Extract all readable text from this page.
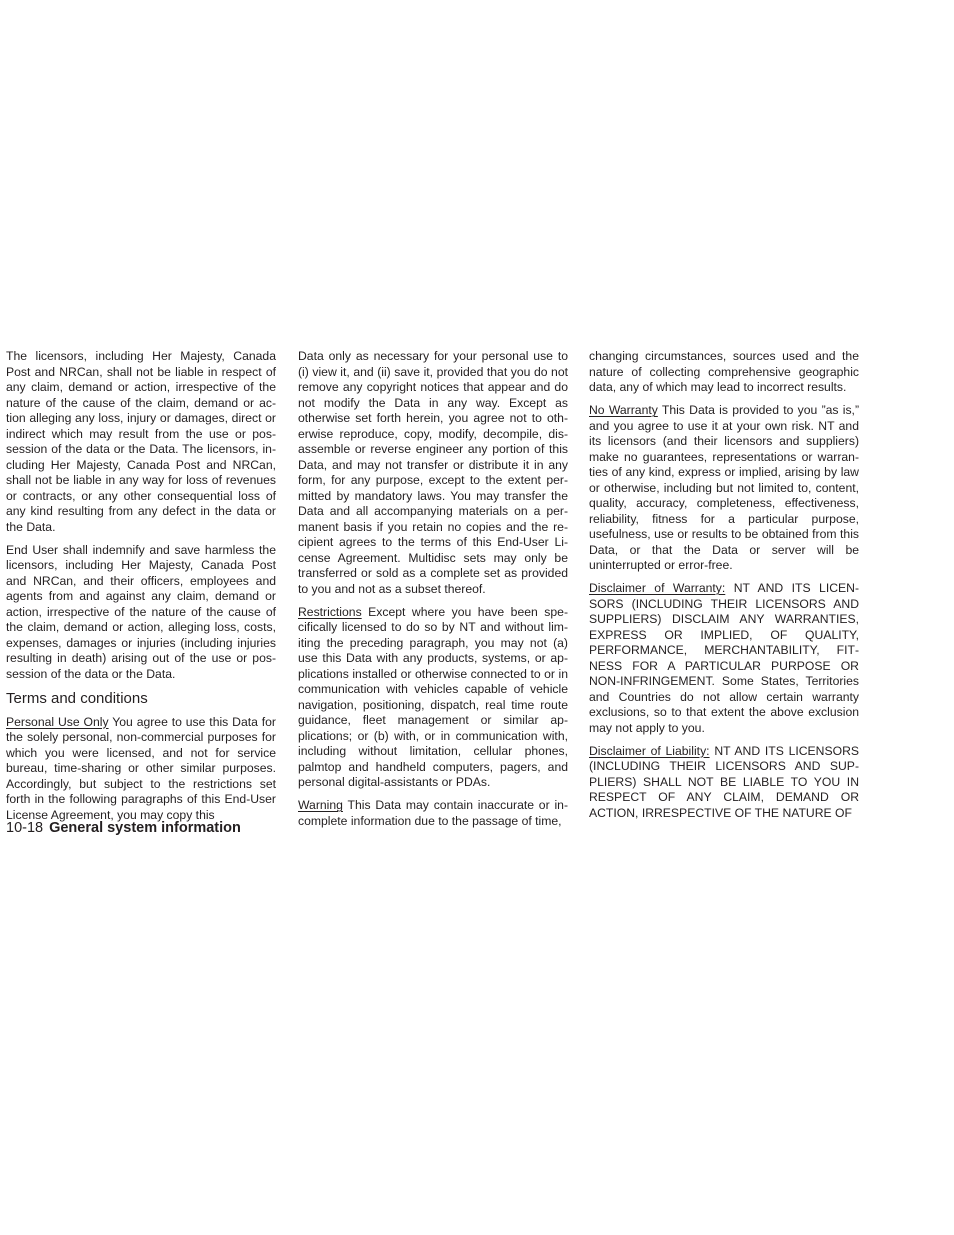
The licensors, including Her Majesty, Canada Post and NRCan, shall not be liable in respect of any claim, demand or action, irrespective of the nature of the cause of the claim, demand or action alleging any loss, injury or damages, direct or indirect which may result from the use or possession of the data or the Data. The licensors, including Her Majesty, Canada Post and NRCan, shall not be liable in any way for loss of revenues or contracts, or any other consequential loss of any kind resulting from any defect in the data or the Data.

End User shall indemnify and save harmless the licensors, including Her Majesty, Canada Post and NRCan, and their officers, employees and agents from and against any claim, demand or action, irrespective of the nature of the cause of the claim, demand or action, alleging loss, costs, expenses, damages or injuries (including injuries resulting in death) arising out of the use or possession of the data or the Data.

Terms and conditions

Personal Use Only You agree to use this Data for the solely personal, non-commercial purposes for which you were licensed, and not for service bureau, time-sharing or other similar purposes. Accordingly, but subject to the restrictions set forth in the following paragraphs of this End-User License Agreement, you may copy this

Data only as necessary for your personal use to (i) view it, and (ii) save it, provided that you do not remove any copyright notices that appear and do not modify the Data in any way. Except as otherwise set forth herein, you agree not to otherwise reproduce, copy, modify, decompile, disassemble or reverse engineer any portion of this Data, and may not transfer or distribute it in any form, for any purpose, except to the extent permitted by mandatory laws. You may transfer the Data and all accompanying materials on a permanent basis if you retain no copies and the recipient agrees to the terms of this End-User License Agreement. Multidisc sets may only be transferred or sold as a complete set as provided to you and not as a subset thereof.

Restrictions Except where you have been specifically licensed to do so by NT and without limiting the preceding paragraph, you may not (a) use this Data with any products, systems, or applications installed or otherwise connected to or in communication with vehicles capable of vehicle navigation, positioning, dispatch, real time route guidance, fleet management or similar applications; or (b) with, or in communication with, including without limitation, cellular phones, palmtop and handheld computers, pagers, and personal digital-assistants or PDAs.

Warning This Data may contain inaccurate or incomplete information due to the passage of time,

changing circumstances, sources used and the nature of collecting comprehensive geographic data, any of which may lead to incorrect results.

No Warranty This Data is provided to you ”as is,” and you agree to use it at your own risk. NT and its licensors (and their licensors and suppliers) make no guarantees, representations or warranties of any kind, express or implied, arising by law or otherwise, including but not limited to, content, quality, accuracy, completeness, effectiveness, reliability, fitness for a particular purpose, usefulness, use or results to be obtained from this Data, or that the Data or server will be uninterrupted or error-free.

Disclaimer of Warranty: NT AND ITS LICENSORS (INCLUDING THEIR LICENSORS AND SUPPLIERS) DISCLAIM ANY WARRANTIES, EXPRESS OR IMPLIED, OF QUALITY, PERFORMANCE, MERCHANTABILITY, FITNESS FOR A PARTICULAR PURPOSE OR NON-INFRINGEMENT. Some States, Territories and Countries do not allow certain warranty exclusions, so to that extent the above exclusion may not apply to you.

Disclaimer of Liability: NT AND ITS LICENSORS (INCLUDING THEIR LICENSORS AND SUPPLIERS) SHALL NOT BE LIABLE TO YOU IN RESPECT OF ANY CLAIM, DEMAND OR ACTION, IRRESPECTIVE OF THE NATURE OF

10-18 General system information
